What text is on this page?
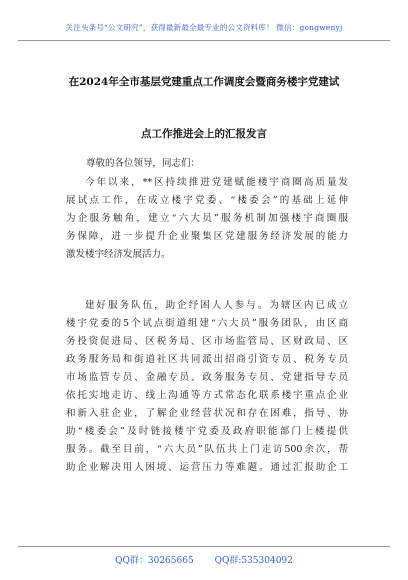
关注头条号“公文研究”，获得最新最全最专业的公文资料库！ 微信：gongwenyj
在2024年全市基层党建重点工作调度会暨商务楼宇党建试
点工作推进会上的汇报发言
尊敬的各位领导，同志们：
今年以来，**区持续推进党建赋能楼宇商圈高质量发
展试点工作，在成立楼宇党委、“楼委会”的基础上延伸
为企服务触角，建立“六大员”服务机制加强楼宇商圈服
务保障，进一步提升企业聚集区党建服务经济发展的能力
激发楼宇经济发展活力。
建好服务队伍，助企纾困人人参与。为辖区内已成立
楼宇党委的5个试点街道组建“六大员”服务团队，由区商
务投资促进局、区税务局、区市场监管局、区财政局、区
政务服务局和街道社区共同派出招商引资专员、税务专员
市场监管专员、金融专员、政务服务专员、党建指导专员
依托实地走访、线上沟通等方式常态化联系楼宇重点企业
和新入驻企业，了解企业经营状况和存在困难，指导、协
助“楼委会”及时链接楼宇党委及政府职能部门上楼提供
服务。截至目前，“六大员”队伍共上门走访500余次，帮
助企业解决用人困境、运营压力等难题。通过汇报助企工
QQ群：30265665 QQ群:535304092
